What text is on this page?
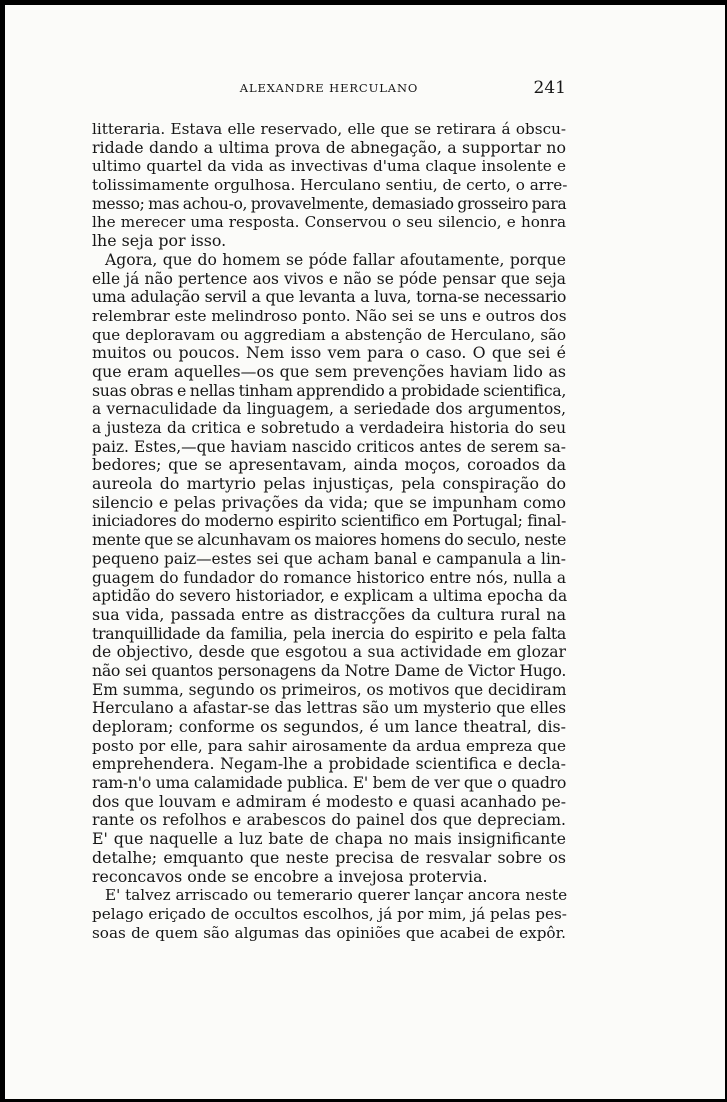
ALEXANDRE HERCULANO	241
litteraria. Estava elle reservado, elle que se retirara á obscu-
ridade dando a ultima prova de abnegação, a supportar no
ultimo quartel da vida as invectivas d'uma claque insolente e
tolissimamente orgulhosa. Herculano sentiu, de certo, o arre-
messo; mas achou-o, provavelmente, demasiado grosseiro para
lhe merecer uma resposta. Conservou o seu silencio, e honra
lhe seja por isso.
Agora, que do homem se póde fallar afoutamente, porque
elle já não pertence aos vivos e não se póde pensar que seja
uma adulação servil a que levanta a luva, torna-se necessario
relembrar este melindroso ponto. Não sei se uns e outros dos
que deploravam ou aggrediam a abstenção de Herculano, são
muitos ou poucos. Nem isso vem para o caso. O que sei é
que eram aquelles—os que sem prevenções haviam lido as
suas obras e nellas tinham apprendido a probidade scientifica,
a vernaculidade da linguagem, a seriedade dos argumentos,
a justeza da critica e sobretudo a verdadeira historia do seu
paiz. Estes,—que haviam nascido criticos antes de serem sa-
bedores; que se apresentavam, ainda moços, coroados da
aureola do martyrio pelas injustiças, pela conspiração do
silencio e pelas privações da vida; que se impunham como
iniciadores do moderno espirito scientifico em Portugal; final-
mente que se alcunhavam os maiores homens do seculo, neste
pequeno paiz—estes sei que acham banal e campanula a lin-
guagem do fundador do romance historico entre nós, nulla a
aptidão do severo historiador, e explicam a ultima epocha da
sua vida, passada entre as distracções da cultura rural na
tranquillidade da familia, pela inercia do espirito e pela falta
de objectivo, desde que esgotou a sua actividade em glozar
não sei quantos personagens da Notre Dame de Victor Hugo.
Em summa, segundo os primeiros, os motivos que decidiram
Herculano a afastar-se das lettras são um mysterio que elles
deploram; conforme os segundos, é um lance theatral, dis-
posto por elle, para sahir airosamente da ardua empreza que
emprehendera. Negam-lhe a probidade scientifica e decla-
ram-n'o uma calamidade publica. E' bem de ver que o quadro
dos que louvam e admiram é modesto e quasi acanhado pe-
rante os refolhos e arabescos do painel dos que depreciam.
E' que naquelle a luz bate de chapa no mais insignificante
detalhe; emquanto que neste precisa de resvalar sobre os
reconcavos onde se encobre a invejosa protervia.
E' talvez arriscado ou temerario querer lançar ancora neste
pelago eriçado de occultos escolhos, já por mim, já pelas pes-
soas de quem são algumas das opiniões que acabei de expôr.
